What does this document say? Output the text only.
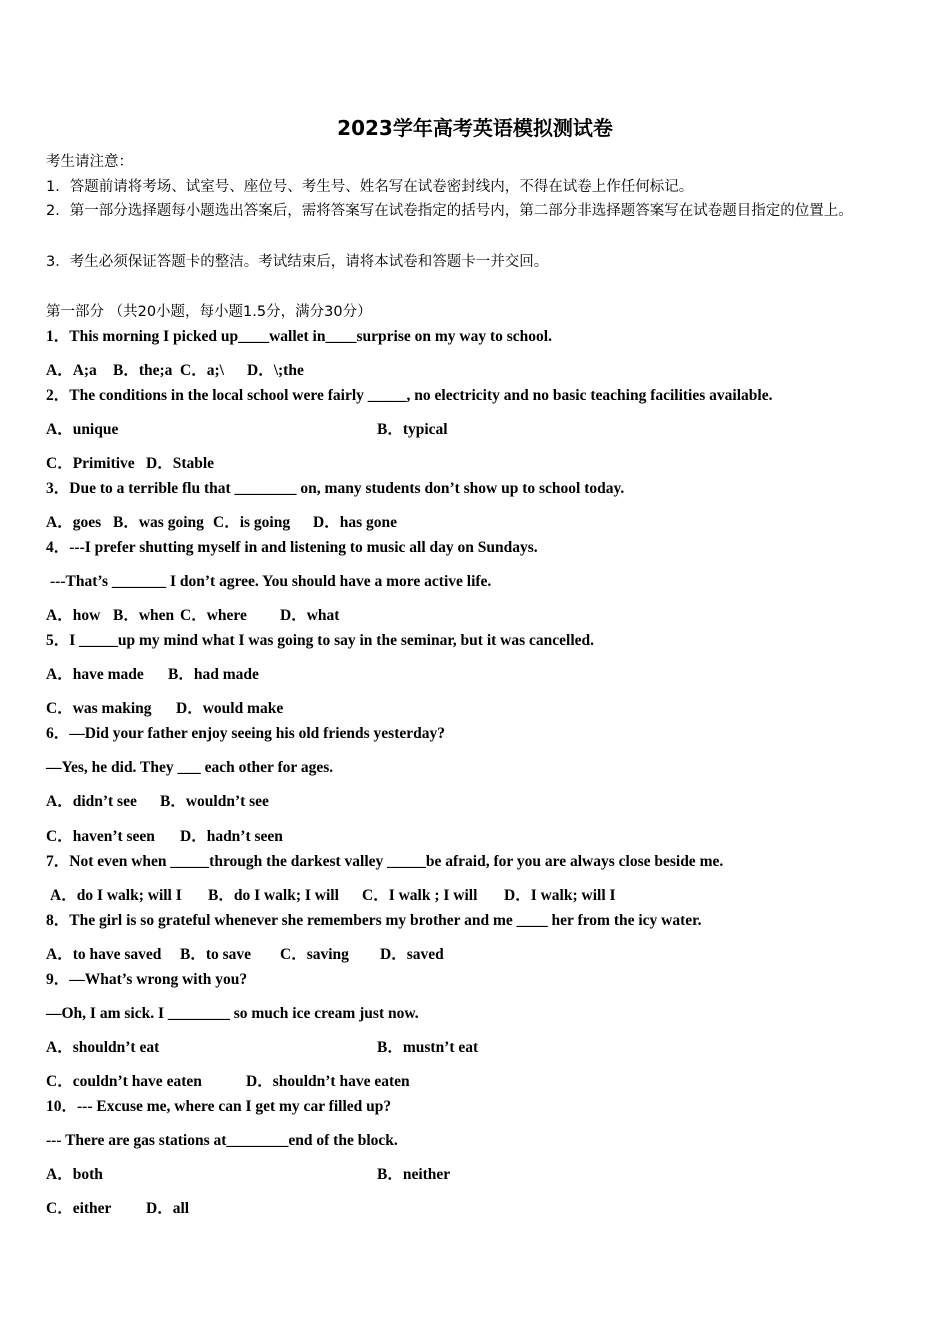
2023学年高考英语模拟测试卷
考生请注意：
1．答题前请将考场、试室号、座位号、考生号、姓名写在试卷密封线内，不得在试卷上作任何标记。
2．第一部分选择题每小题选出答案后，需将答案写在试卷指定的括号内，第二部分非选择题答案写在试卷题目指定的位置上。
3．考生必须保证答题卡的整洁。考试结束后，请将本试卷和答题卡一并交回。
第一部分 （共20小题，每小题1.5分，满分30分）
1．This morning I picked up____wallet in____surprise on my way to school.
A．A;a B．the;a C．a;\ D．\;the
2．The conditions in the local school were fairly _____, no electricity and no basic teaching facilities available.
A．unique	B．typical
C．Primitive D．Stable
3．Due to a terrible flu that ________ on, many students don’t show up to school today.
A．goes B．was going C．is going D．has gone
4．---I prefer shutting myself in and listening to music all day on Sundays.
---That’s _______ I don’t agree. You should have a more active life.
A．how B．when C．where D．what
5．I _____up my mind what I was going to say in the seminar, but it was cancelled.
A．have made B．had made
C．was making D．would make
6．—Did your father enjoy seeing his old friends yesterday?
—Yes, he did. They ___ each other for ages.
A．didn’t see B．wouldn’t see
C．haven’t seen D．hadn’t seen
7．Not even when _____through the darkest valley _____be afraid, for you are always close beside me.
A．do I walk; will I B．do I walk; I will C．I walk ; I will D．I walk; will I
8．The girl is so grateful whenever she remembers my brother and me ____ her from the icy water.
A．to have saved B．to save C．saving D．saved
9．—What’s wrong with you?
—Oh, I am sick. I ________ so much ice cream just now.
A．shouldn’t eat	B．mustn’t eat
C．couldn’t have eaten	D．shouldn’t have eaten
10．--- Excuse me, where can I get my car filled up?
--- There are gas stations at________end of the block.
A．both	B．neither
C．either D．all
